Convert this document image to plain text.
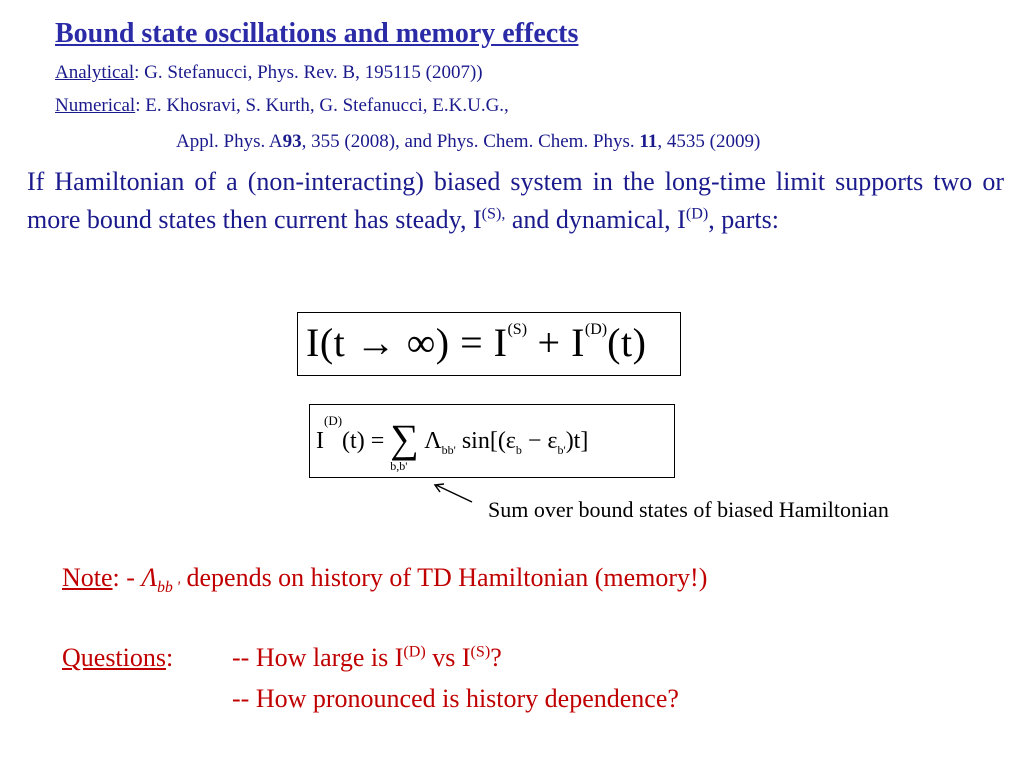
Bound state oscillations and memory effects
Analytical: G. Stefanucci, Phys. Rev. B, 195115 (2007))
Numerical: E. Khosravi, S. Kurth, G. Stefanucci, E.K.U.G.,
Appl. Phys. A93, 355 (2008), and Phys. Chem. Chem. Phys. 11, 4535 (2009)
If Hamiltonian of a (non-interacting) biased system in the long-time limit supports two or more bound states then current has steady, $I^{(S),}$ and dynamical, $I^{(D)}$, parts:
I(t → ∞) = $I^{(S)} + I^{(D)}(t)$
$I^{(D)}(t)$ = ∑
b,b'
$\Lambda_{bb'}$ $\sin[(\varepsilon_b - \varepsilon_{b'})t]$
Sum over bound states of biased Hamiltonian
Note: - $\Lambda_{bb '}$ depends on history of TD Hamiltonian (memory!)
Questions: -- How large is $I^{(D)}$ vs $I^{(S)}$?
-- How pronounced is history dependence?
